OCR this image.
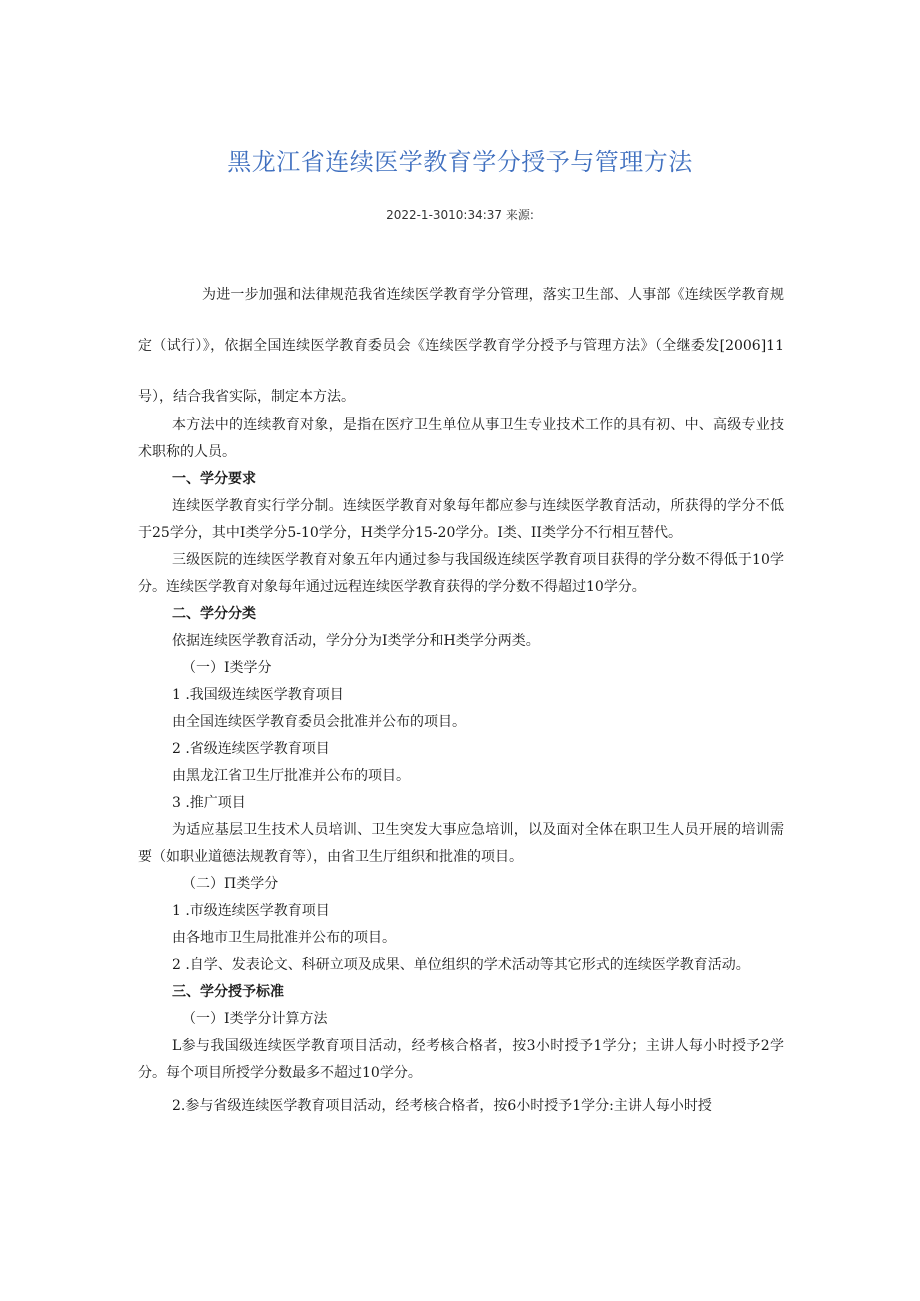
黑龙江省连续医学教育学分授予与管理方法
2022-1-3010:34:37 来源:

为进一步加强和法律规范我省连续医学教育学分管理，落实卫生部、人事部《连续医学教育规定（试行）》，依据全国连续医学教育委员会《连续医学教育学分授予与管理方法》（全继委发[2006]11号），结合我省实际，制定本方法。

本方法中的连续教育对象，是指在医疗卫生单位从事卫生专业技术工作的具有初、中、高级专业技术职称的人员。

一、学分要求

连续医学教育实行学分制。连续医学教育对象每年都应参与连续医学教育活动，所获得的学分不低于25学分，其中I类学分5-10学分，H类学分15-20学分。I类、II类学分不行相互替代。

三级医院的连续医学教育对象五年内通过参与我国级连续医学教育项目获得的学分数不得低于10学分。连续医学教育对象每年通过远程连续医学教育获得的学分数不得超过10学分。

二、学分分类

依据连续医学教育活动，学分分为I类学分和H类学分两类。

（一）I类学分

1 .我国级连续医学教育项目

由全国连续医学教育委员会批准并公布的项目。

2 .省级连续医学教育项目

由黑龙江省卫生厅批准并公布的项目。

3 .推广项目

为适应基层卫生技术人员培训、卫生突发大事应急培训，以及面对全体在职卫生人员开展的培训需要（如职业道德法规教育等），由省卫生厅组织和批准的项目。

（二）П类学分

1 .市级连续医学教育项目

由各地市卫生局批准并公布的项目。

2 .自学、发表论文、科研立项及成果、单位组织的学术活动等其它形式的连续医学教育活动。

三、学分授予标准

（一）I类学分计算方法

L参与我国级连续医学教育项目活动，经考核合格者，按3小时授予1学分；主讲人每小时授予2学分。每个项目所授学分数最多不超过10学分。

2.参与省级连续医学教育项目活动，经考核合格者，按6小时授予1学分:主讲人每小时授
